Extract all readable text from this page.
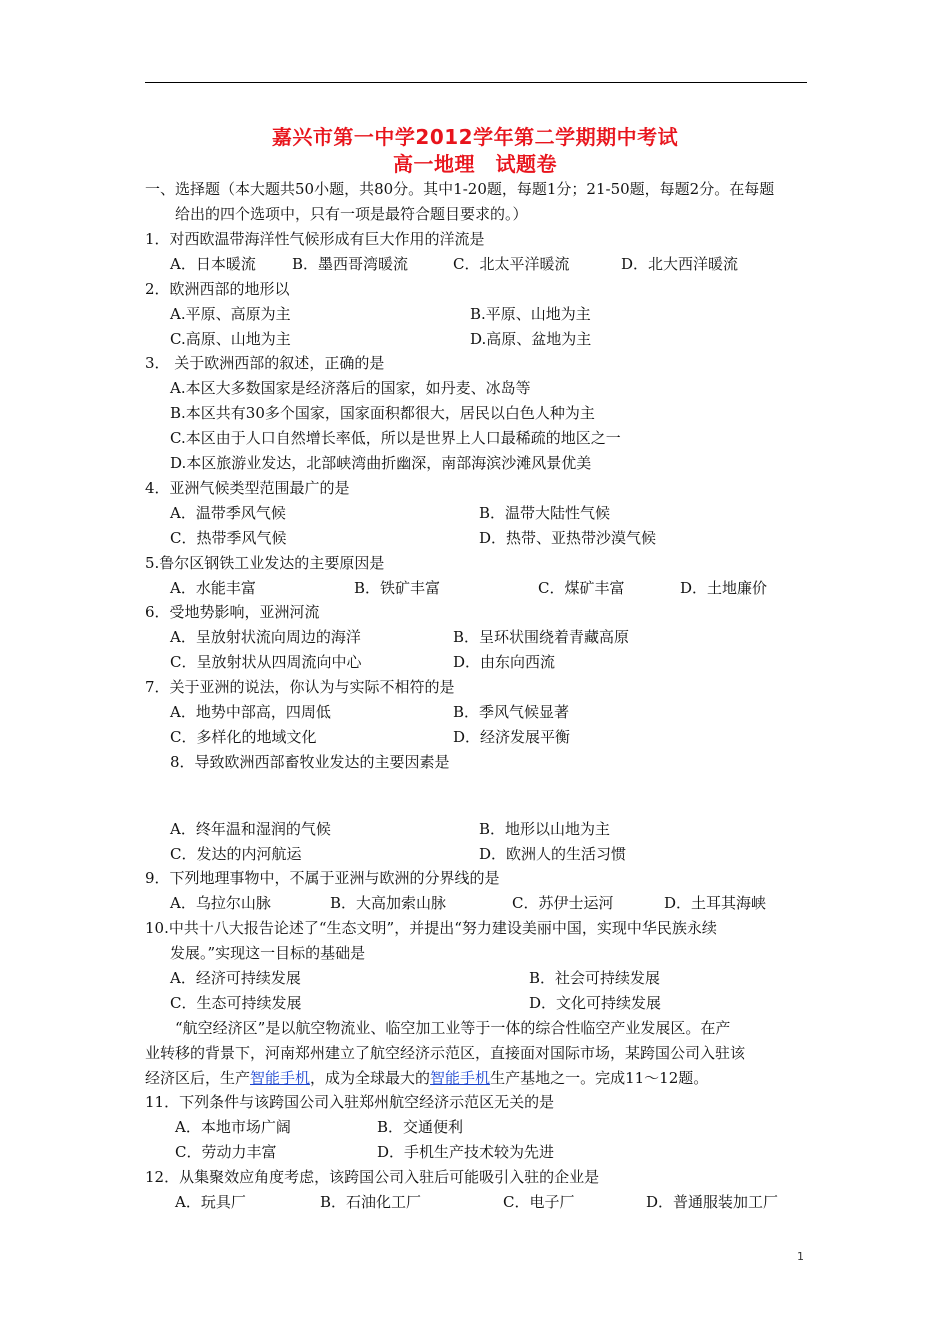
嘉兴市第一中学2012学年第二学期期中考试
高一地理　试题卷
一、选择题（本大题共50小题，共80分。其中1-20题，每题1分；21-50题，每题2分。在每题
给出的四个选项中，只有一项是最符合题目要求的。）
1．对西欧温带海洋性气候形成有巨大作用的洋流是
A．日本暖流 B．墨西哥湾暖流	C．北太平洋暖流	D．北大西洋暖流
2．欧洲西部的地形以
A.平原、高原为主	B.平原、山地为主
C.高原、山地为主	D.高原、盆地为主
3． 关于欧洲西部的叙述，正确的是
A.本区大多数国家是经济落后的国家，如丹麦、冰岛等
B.本区共有30多个国家，国家面积都很大，居民以白色人种为主
C.本区由于人口自然增长率低，所以是世界上人口最稀疏的地区之一
D.本区旅游业发达，北部峡湾曲折幽深，南部海滨沙滩风景优美
4．亚洲气候类型范围最广的是
A．温带季风气候	B．温带大陆性气候
C．热带季风气候	D．热带、亚热带沙漠气候
5.鲁尔区钢铁工业发达的主要原因是
A．水能丰富	B．铁矿丰富	C．煤矿丰富	D．土地廉价
6．受地势影响，亚洲河流
A．呈放射状流向周边的海洋	B．呈环状围绕着青藏高原
C．呈放射状从四周流向中心	D．由东向西流
7．关于亚洲的说法，你认为与实际不相符的是
A．地势中部高，四周低	B．季风气候显著
C．多样化的地域文化	D．经济发展平衡
8．导致欧洲西部畜牧业发达的主要因素是
A．终年温和湿润的气候	B．地形以山地为主
C．发达的内河航运	D．欧洲人的生活习惯
9．下列地理事物中，不属于亚洲与欧洲的分界线的是
A．乌拉尔山脉	B．大高加索山脉	C．苏伊士运河	D．土耳其海峡
10.中共十八大报告论述了“生态文明”，并提出“努力建设美丽中国，实现中华民族永续
发展。”实现这一目标的基础是
A．经济可持续发展	B．社会可持续发展
C．生态可持续发展	D．文化可持续发展
“航空经济区”是以航空物流业、临空加工业等于一体的综合性临空产业发展区。在产
业转移的背景下，河南郑州建立了航空经济示范区，直接面对国际市场，某跨国公司入驻该
经济区后，生产智能手机，成为全球最大的智能手机生产基地之一。完成11～12题。
11．下列条件与该跨国公司入驻郑州航空经济示范区无关的是
A．本地市场广阔	B．交通便利
C．劳动力丰富	D．手机生产技术较为先进
12．从集聚效应角度考虑，该跨国公司入驻后可能吸引入驻的企业是
A．玩具厂	B．石油化工厂	C．电子厂	D．普通服装加工厂
1
